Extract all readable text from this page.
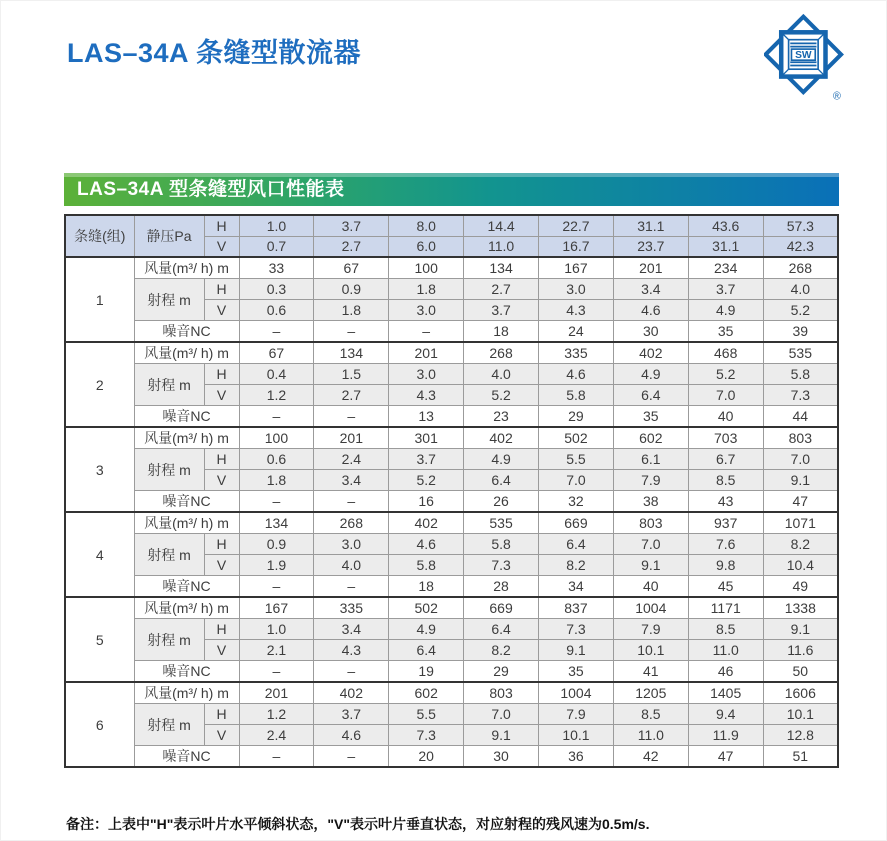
LAS–34A 条缝型散流器	SW
®
LAS–34A 型条缝型风口性能表
条缝(组)	静压Pa	H	1.0	3.7	8.0	14.4	22.7	31.1	43.6	57.3
		V	0.7	2.7	6.0	11.0	16.7	23.7	31.1	42.3
1	风量(m³/ h) m		33	67	100	134	167	201	234	268
	射程 m	H	0.3	0.9	1.8	2.7	3.0	3.4	3.7	4.0
		V	0.6	1.8	3.0	3.7	4.3	4.6	4.9	5.2
	噪音NC		–	–	–	18	24	30	35	39
2	风量(m³/ h) m		67	134	201	268	335	402	468	535
	射程 m	H	0.4	1.5	3.0	4.0	4.6	4.9	5.2	5.8
		V	1.2	2.7	4.3	5.2	5.8	6.4	7.0	7.3
	噪音NC		–	–	13	23	29	35	40	44
3	风量(m³/ h) m		100	201	301	402	502	602	703	803
	射程 m	H	0.6	2.4	3.7	4.9	5.5	6.1	6.7	7.0
		V	1.8	3.4	5.2	6.4	7.0	7.9	8.5	9.1
	噪音NC		–	–	16	26	32	38	43	47
4	风量(m³/ h) m		134	268	402	535	669	803	937	1071
	射程 m	H	0.9	3.0	4.6	5.8	6.4	7.0	7.6	8.2
		V	1.9	4.0	5.8	7.3	8.2	9.1	9.8	10.4
	噪音NC		–	–	18	28	34	40	45	49
5	风量(m³/ h) m		167	335	502	669	837	1004	1171	1338
	射程 m	H	1.0	3.4	4.9	6.4	7.3	7.9	8.5	9.1
		V	2.1	4.3	6.4	8.2	9.1	10.1	11.0	11.6
	噪音NC		–	–	19	29	35	41	46	50
6	风量(m³/ h) m		201	402	602	803	1004	1205	1405	1606
	射程 m	H	1.2	3.7	5.5	7.0	7.9	8.5	9.4	10.1
		V	2.4	4.6	7.3	9.1	10.1	11.0	11.9	12.8
	噪音NC		–	–	20	30	36	42	47	51

备注：上表中"H"表示叶片水平倾斜状态，"V"表示叶片垂直状态，对应射程的残风速为0.5m/s.
